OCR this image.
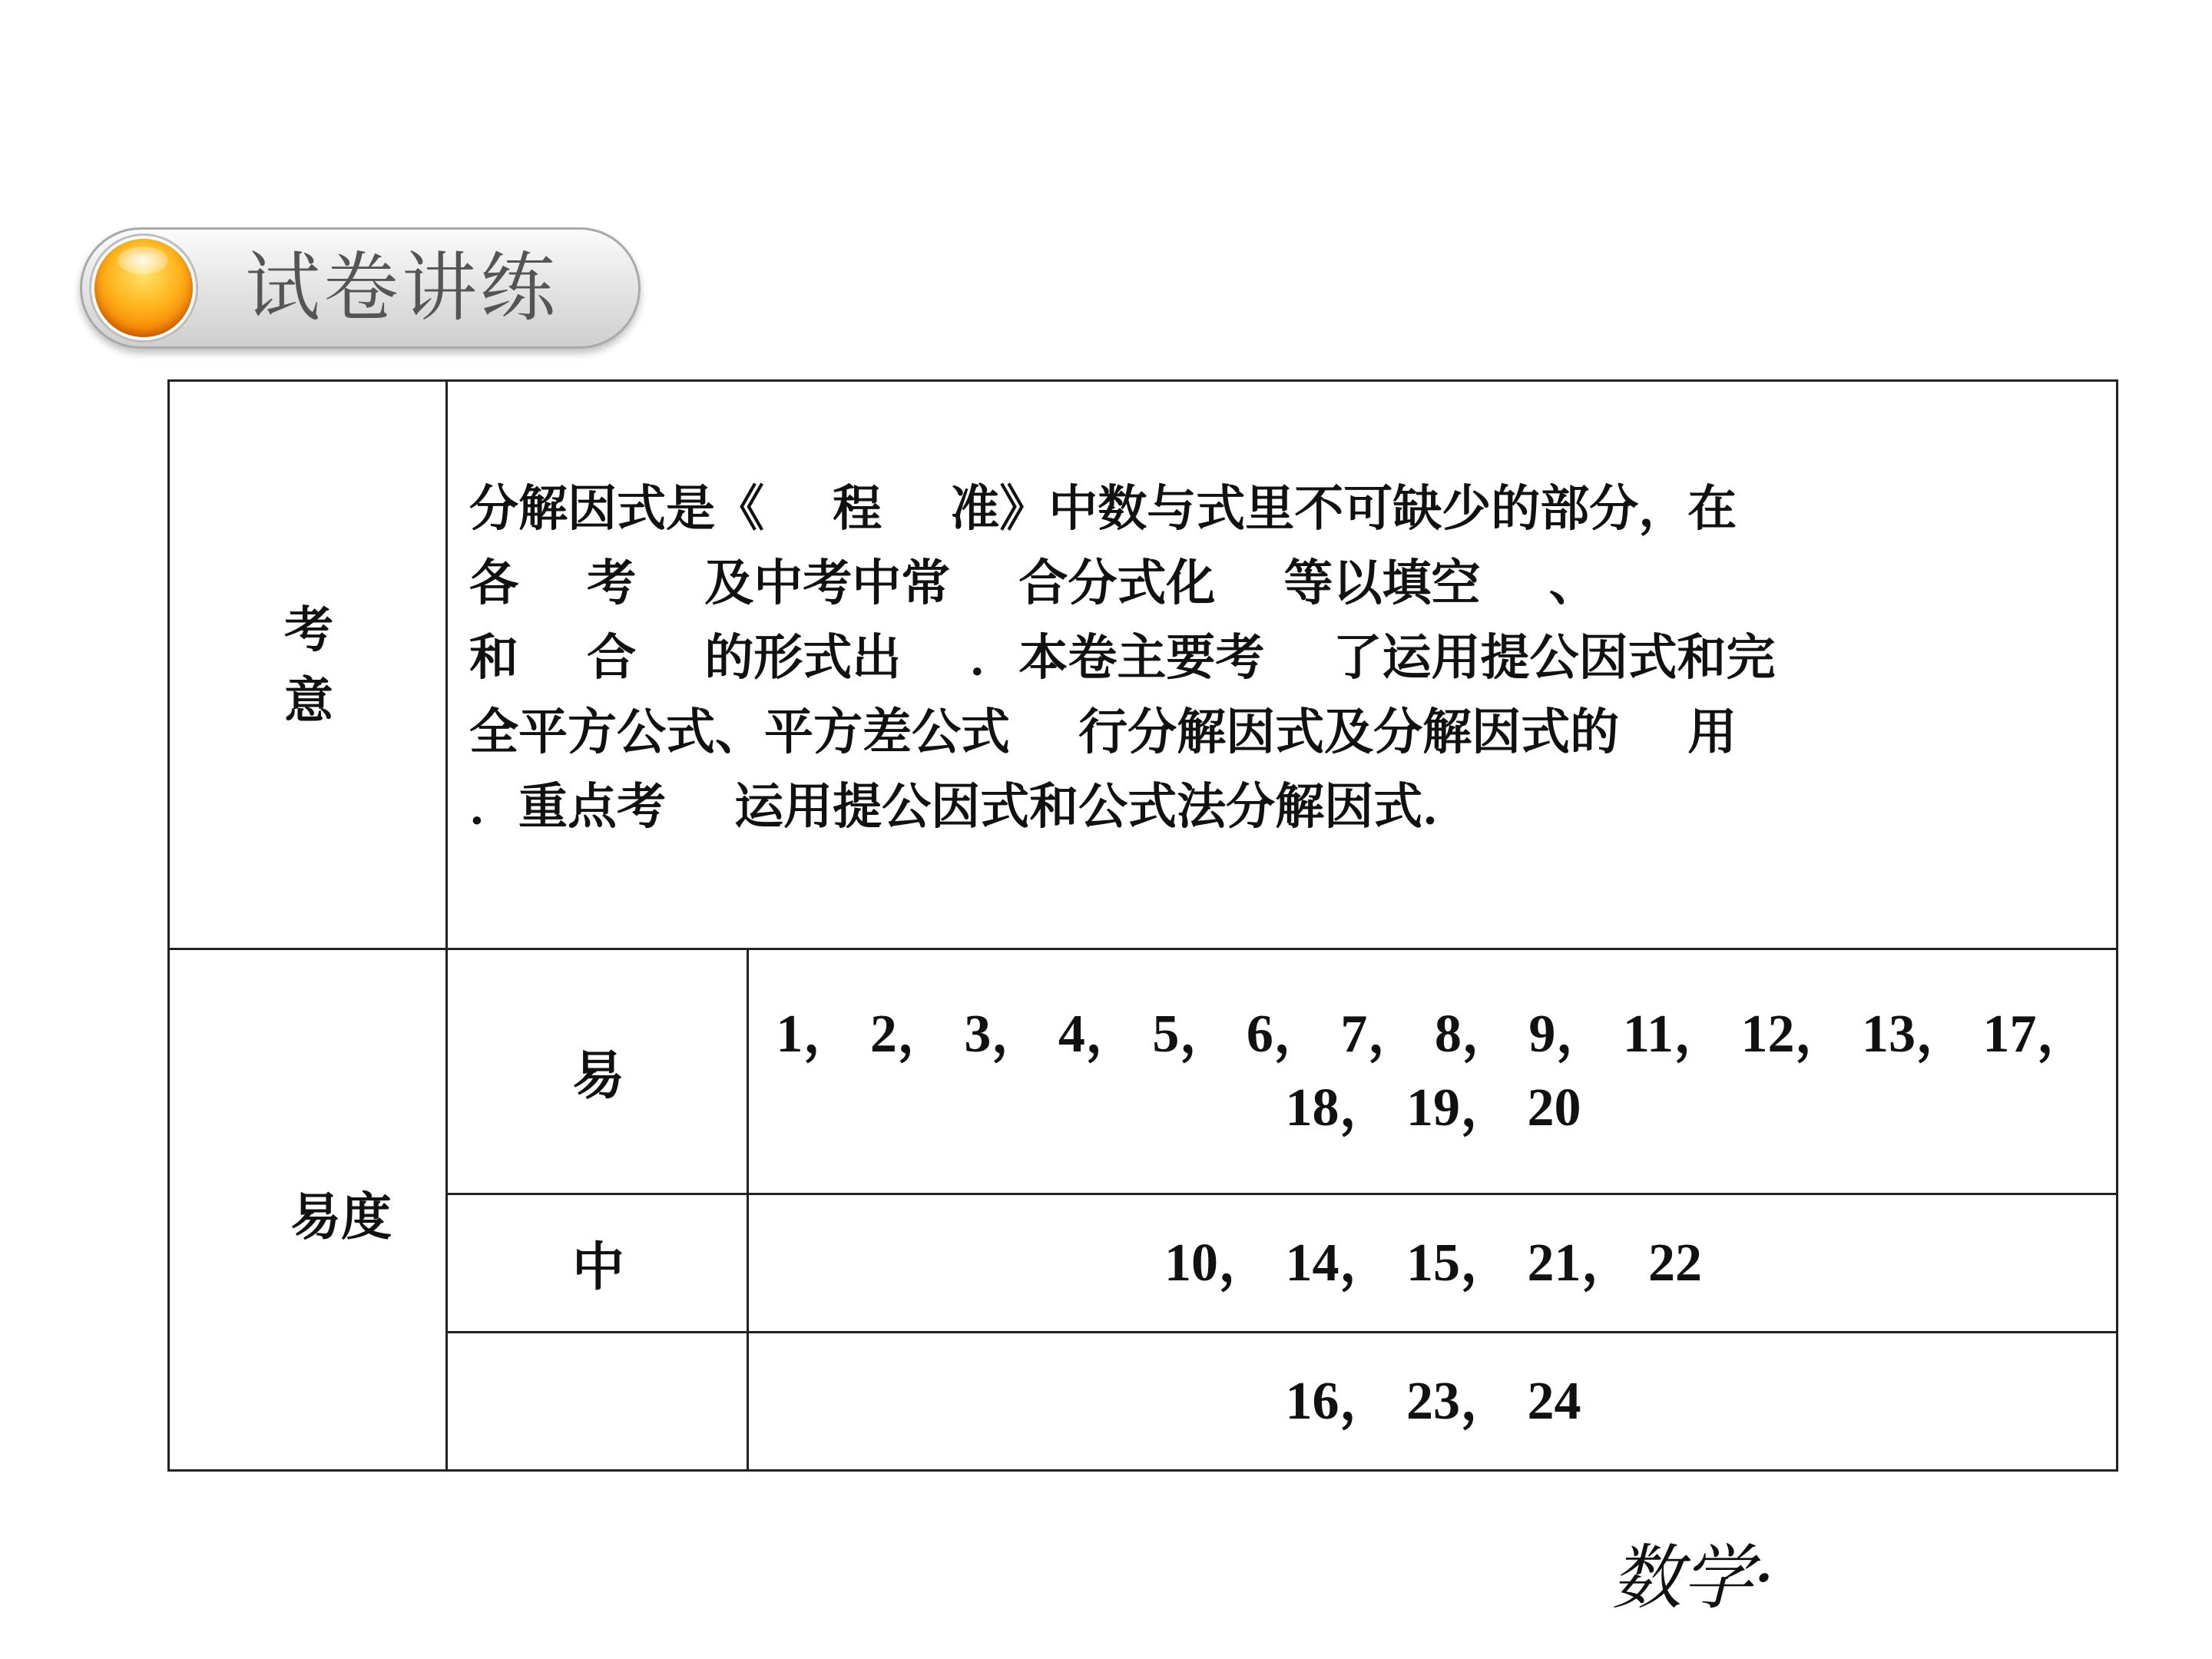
试卷讲练
考意

分解因式是《    程    准》中数与式里不可缺少的部分，在

各    考    及中考中常    合分式化    等以填空    、

和    合    的形式出    ．本卷主要考    了运用提公因式和完

全平方公式、平方差公式    行分解因式及分解因式的    用

．重点考    运用提公因式和公式法分解因式．

易度
易
1， 2， 3， 4， 5， 6， 7， 8， 9， 11， 12， 13， 17，
18， 19， 20
中	10， 14， 15， 21， 22
16， 23， 24
数学·
